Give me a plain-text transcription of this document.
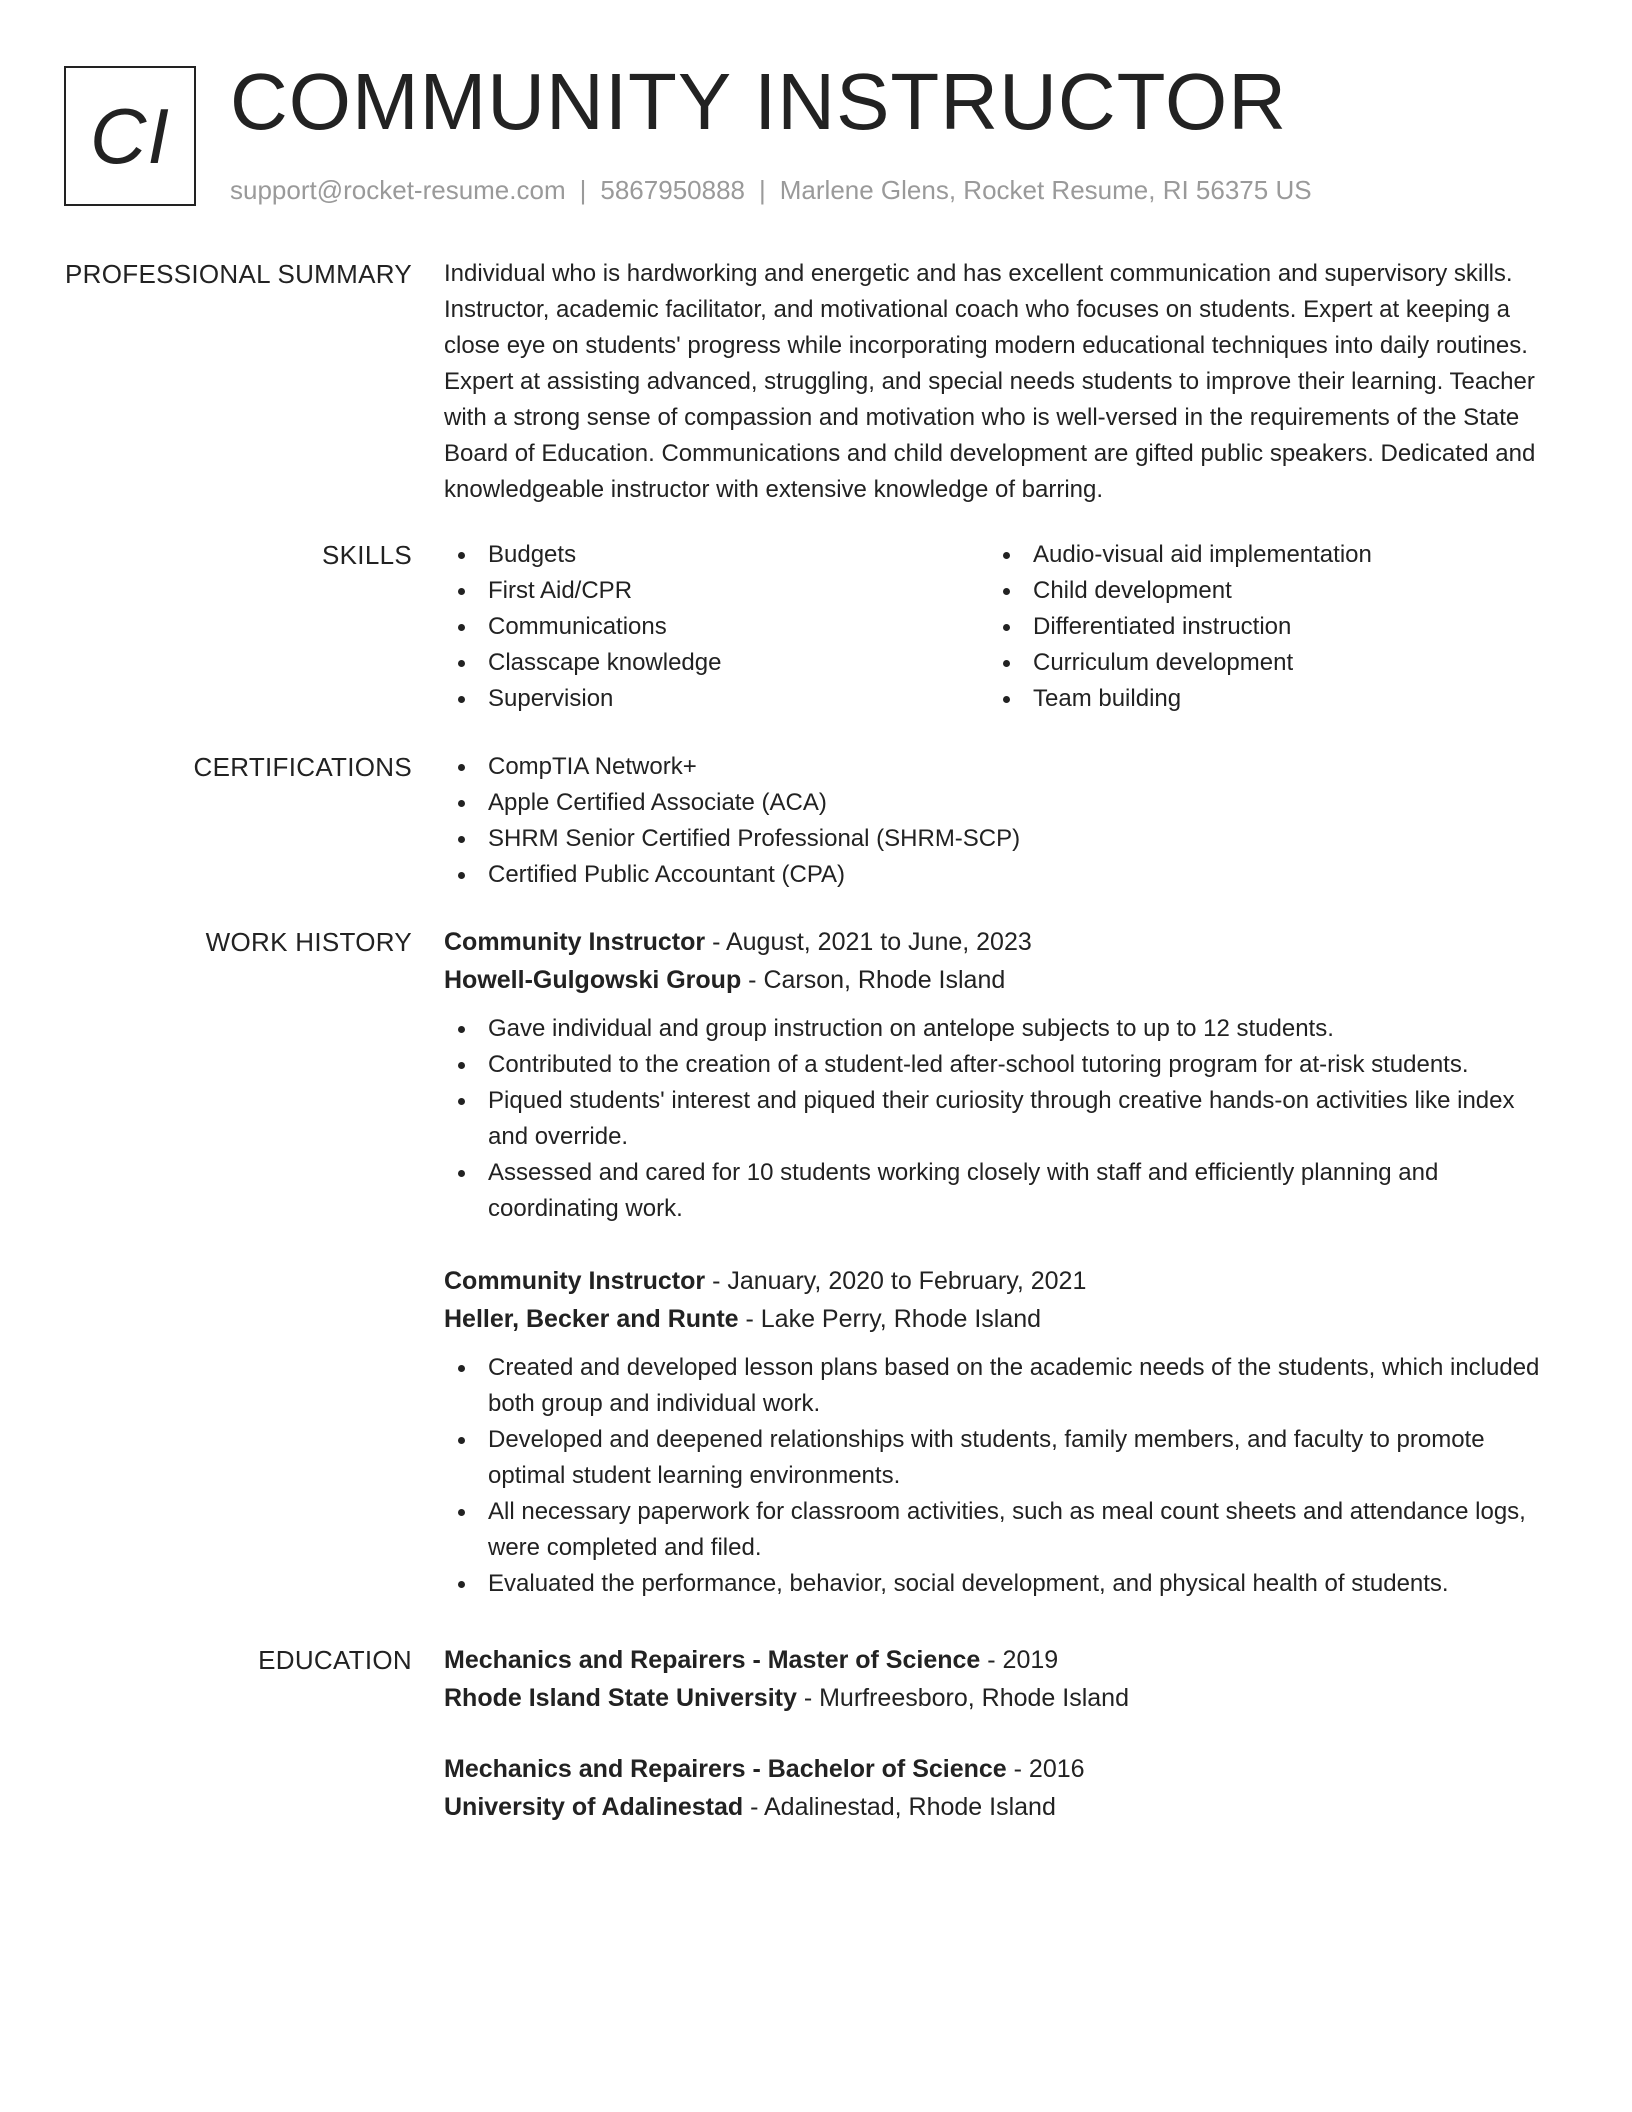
CI COMMUNITY INSTRUCTOR
support@rocket-resume.com | 5867950888 | Marlene Glens, Rocket Resume, RI 56375 US
PROFESSIONAL SUMMARY Individual who is hardworking and energetic and has excellent communication and supervisory skills. Instructor, academic facilitator, and motivational coach who focuses on students. Expert at keeping a close eye on students' progress while incorporating modern educational techniques into daily routines. Expert at assisting advanced, struggling, and special needs students to improve their learning. Teacher with a strong sense of compassion and motivation who is well-versed in the requirements of the State Board of Education. Communications and child development are gifted public speakers. Dedicated and knowledgeable instructor with extensive knowledge of barring.

SKILLS	Budgets
First Aid/CPR
Communications
Classcape knowledge
Supervision
Audio-visual aid implementation
Child development
Differentiated instruction
Curriculum development
Team building
CERTIFICATIONS	CompTIA Network+
Apple Certified Associate (ACA)
SHRM Senior Certified Professional (SHRM-SCP)
Certified Public Accountant (CPA)
WORK HISTORY Community Instructor - August, 2021 to June, 2023
Howell-Gulgowski Group - Carson, Rhode Island
Gave individual and group instruction on antelope subjects to up to 12 students.
Contributed to the creation of a student-led after-school tutoring program for at-risk students.
Piqued students' interest and piqued their curiosity through creative hands-on activities like index and override.
Assessed and cared for 10 students working closely with staff and efficiently planning and coordinating work.
Community Instructor - January, 2020 to February, 2021
Heller, Becker and Runte - Lake Perry, Rhode Island
Created and developed lesson plans based on the academic needs of the students, which included both group and individual work.
Developed and deepened relationships with students, family members, and faculty to promote optimal student learning environments.
All necessary paperwork for classroom activities, such as meal count sheets and attendance logs, were completed and filed.
Evaluated the performance, behavior, social development, and physical health of students.
EDUCATION Mechanics and Repairers - Master of Science - 2019
Rhode Island State University - Murfreesboro, Rhode Island
Mechanics and Repairers - Bachelor of Science - 2016
University of Adalinestad - Adalinestad, Rhode Island
